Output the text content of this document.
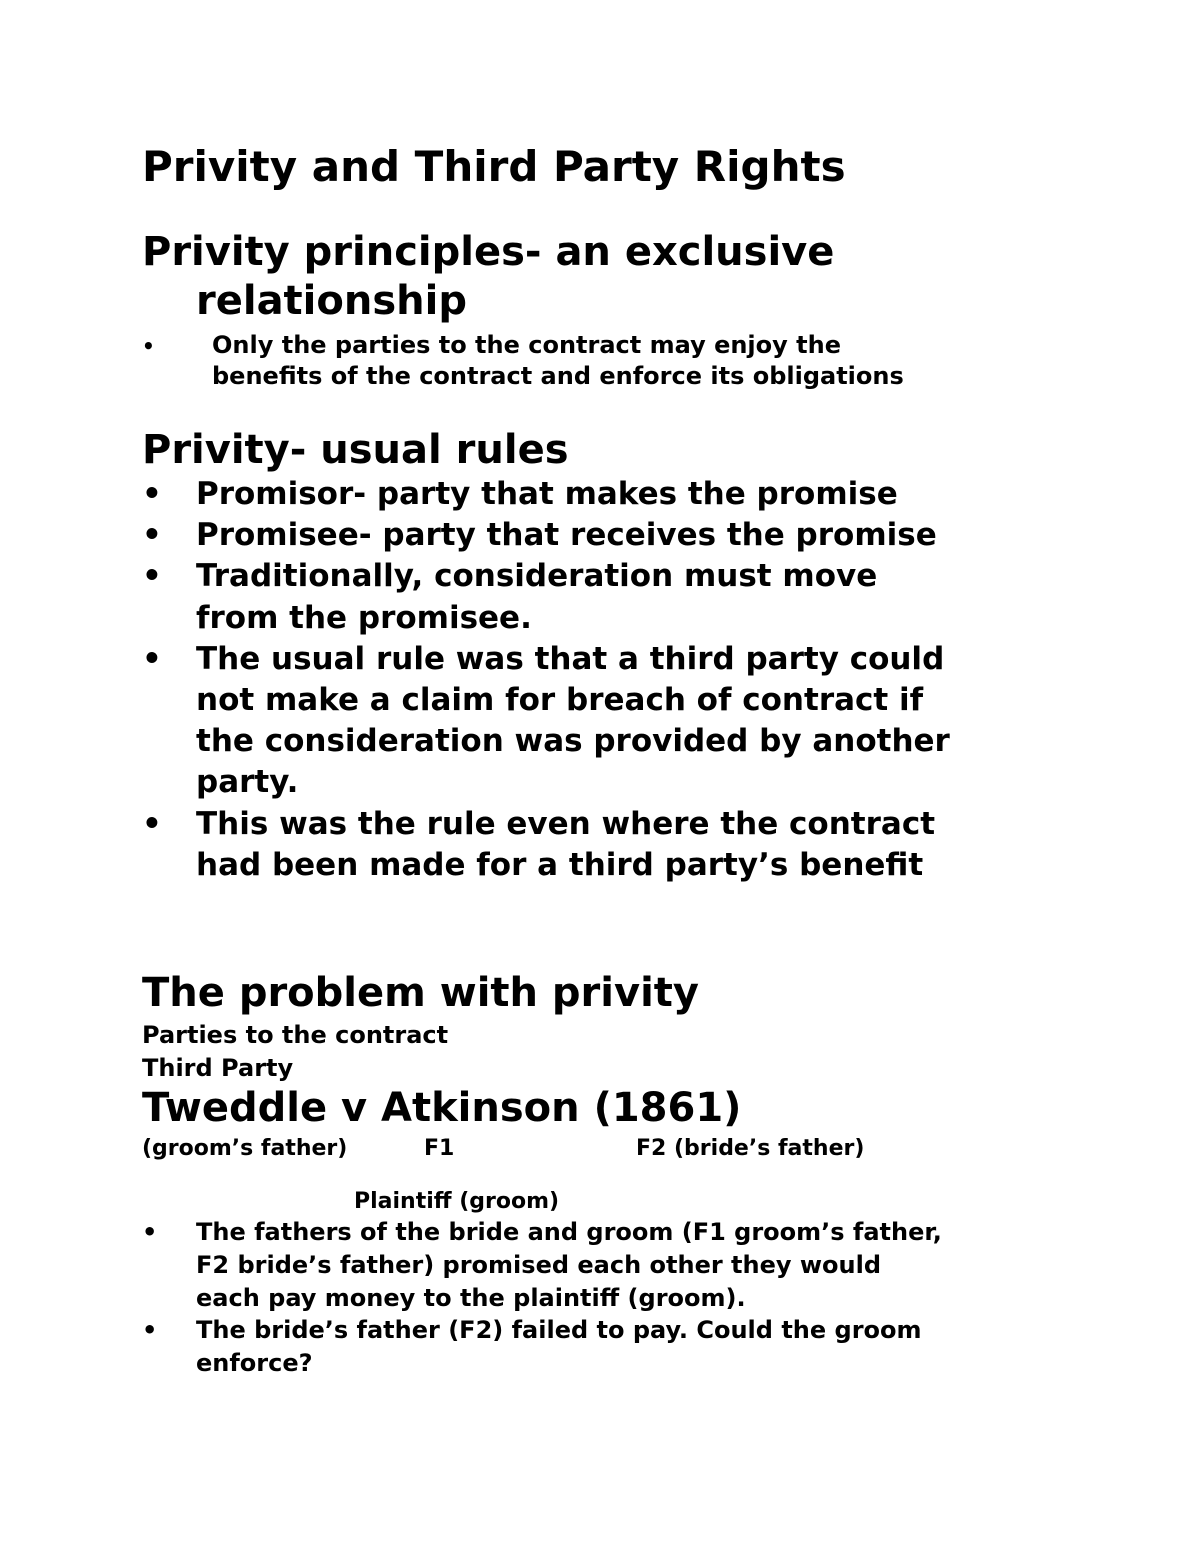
Privity and Third Party Rights
Privity principles- an exclusive
relationship
• Only the parties to the contract may enjoy the
benefits of the contract and enforce its obligations
Privity- usual rules
• Promisor- party that makes the promise
• Promisee- party that receives the promise
• Traditionally, consideration must move
from the promisee.
• The usual rule was that a third party could
not make a claim for breach of contract if
the consideration was provided by another
party.
• This was the rule even where the contract
had been made for a third party’s benefit
The problem with privity
Parties to the contract
Third Party
Tweddle v Atkinson (1861)
(groom’s father)	F1	F2 (bride’s father)
Plaintiff (groom)
• The fathers of the bride and groom (F1 groom’s father,
F2 bride’s father) promised each other they would
each pay money to the plaintiff (groom).
• The bride’s father (F2) failed to pay. Could the groom
enforce?
